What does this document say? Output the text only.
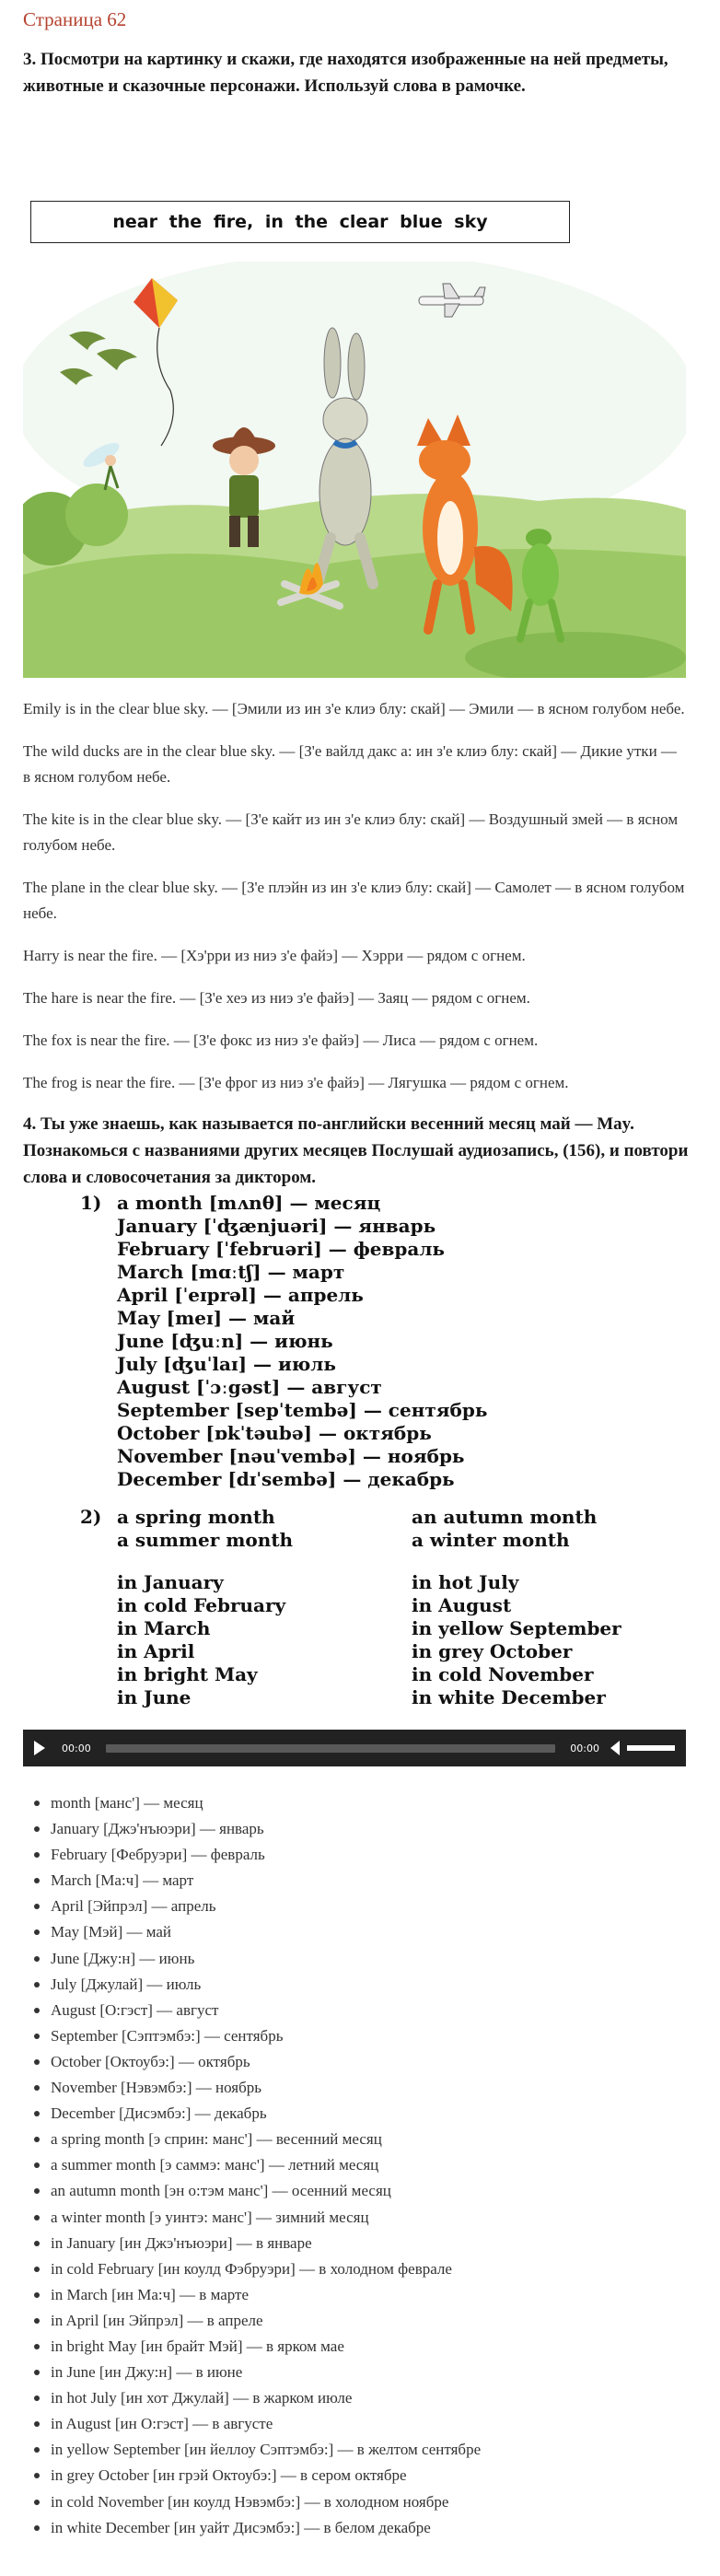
Страница 62
3. Посмотри на картинку и скажи, где находятся изображенные на ней предметы, животные и сказочные персонажи. Используй слова в рамочке.
near the fire, in the clear blue sky

Emily is in the clear blue sky. — [Эмили из ин з'е клиэ блу: скай] — Эмили — в ясном голубом небе.

The wild ducks are in the clear blue sky. — [З'е вайлд дакс а: ин з'е клиэ блу: скай] — Дикие утки — в ясном голубом небе.

The kite is in the clear blue sky. — [З'е кайт из ин з'е клиэ блу: скай] — Воздушный змей — в ясном голубом небе.

The plane in the clear blue sky. — [З'е плэйн из ин з'е клиэ блу: скай] — Самолет — в ясном голубом небе.

Harry is near the fire. — [Хэ'рри из ниэ з'е файэ] — Хэрри — рядом с огнем.

The hare is near the fire. — [З'е хеэ из ниэ з'е файэ] — Заяц — рядом с огнем.

The fox is near the fire. — [З'е фокс из ниэ з'е файэ] — Лиса — рядом с огнем.

The frog is near the fire. — [З'е фрог из ниэ з'е файэ] — Лягушка — рядом с огнем.

4. Ты уже знаешь, как называется по-английски весенний месяц май — May. Познакомься с названиями других месяцев Послушай аудиозапись, (156), и повтори слова и словосочетания за диктором.
1) a month [mʌnθ] — месяц
January [ˈʤænjuəri] — январь
February [ˈfebruəri] — февраль
March [mɑːtʃ] — март
April [ˈeɪprəl] — апрель
May [meɪ] — май
June [ʤuːn] — июнь
July [ʤuˈlaɪ] — июль
August [ˈɔːgəst] — август
September [sepˈtembə] — сентябрь
October [ɒkˈtəubə] — октябрь
November [nəuˈvembə] — ноябрь
December [dɪˈsembə] — декабрь
2) a spring month
a summer month
in January
in cold February
in March
in April
in bright May
in June
an autumn month
a winter month
in hot July
in August
in yellow September
in grey October
in cold November
in white December
00:00	00:00
month [манс'] — месяц
January [Джэ'нъюэри] — январь
February [Фебруэри] — февраль
March [Ма:ч] — март
April [Эйпрэл] — апрель
May [Мэй] — май
June [Джу:н] — июнь
July [Джулай] — июль
August [О:гэст] — август
September [Сэптэмбэ:] — сентябрь
October [Октоубэ:] — октябрь
November [Нэвэмбэ:] — ноябрь
December [Дисэмбэ:] — декабрь
a spring month [э сприн: манс'] — весенний месяц
a summer month [э саммэ: манс'] — летний месяц
an autumn month [эн о:тэм манс'] — осенний месяц
a winter month [э уинтэ: манс'] — зимний месяц
in January [ин Джэ'нъюэри] — в январе
in cold February [ин коулд Фэбруэри] — в холодном феврале
in March [ин Ма:ч] — в марте
in April [ин Эйпрэл] — в апреле
in bright May [ин брайт Мэй] — в ярком мае
in June [ин Джу:н] — в июне
in hot July [ин хот Джулай] — в жарком июле
in August [ин О:гэст] — в августе
in yellow September [ин йеллоу Сэптэмбэ:] — в желтом сентябре
in grey October [ин грэй Октоубэ:] — в сером октябре
in cold November [ин коулд Нэвэмбэ:] — в холодном ноябре
in white December [ин уайт Дисэмбэ:] — в белом декабре
